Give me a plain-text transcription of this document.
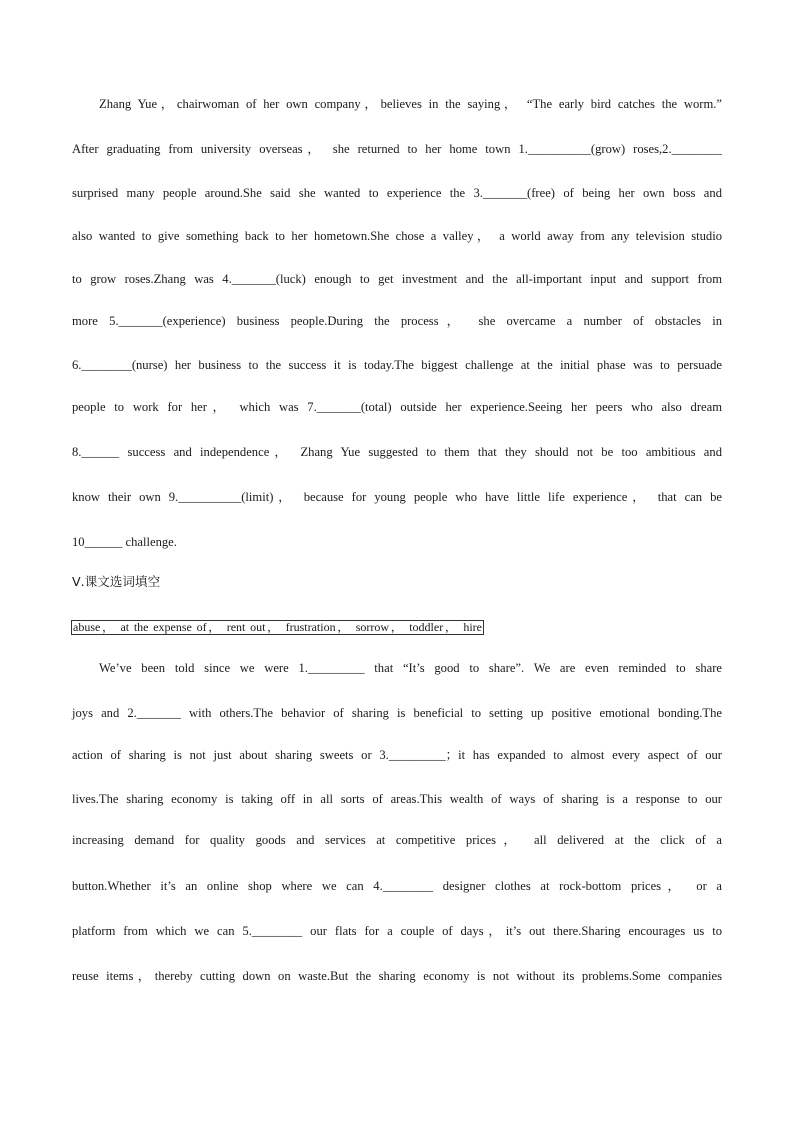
Zhang Yue，chairwoman of her own company，believes in the saying， “The early bird catches the worm.”
After graduating from university overseas， she returned to her home town 1.__________(grow) roses,2.________
surprised many people around.She said she wanted to experience the 3._______(free) of being her own boss and
also wanted to give something back to her hometown.She chose a valley， a world away from any television studio
to grow roses.Zhang was 4._______(luck) enough to get investment and the all-important input and support from
more 5._______(experience) business people.During the process， she overcame a number of obstacles in
6.________(nurse) her business to the success it is today.The biggest challenge at the initial phase was to persuade
people to work for her， which was 7._______(total) outside her experience.Seeing her peers who also dream
8.______ success and independence， Zhang Yue suggested to them that they should not be too ambitious and
know their own 9.__________(limit)， because for young people who have little life experience， that can be
10______ challenge.
Ⅴ.课文选词填空
abuse， at the expense of， rent out， frustration， sorrow， toddler， hire
We’ve been told since we were 1._________ that “It’s good to share”. We are even reminded to share
joys and 2._______ with others.The behavior of sharing is beneficial to setting up positive emotional bonding.The
action of sharing is not just about sharing sweets or 3._________；it has expanded to almost every aspect of our
lives.The sharing economy is taking off in all sorts of areas.This wealth of ways of sharing is a response to our
increasing demand for quality goods and services at competitive prices， all delivered at the click of a
button.Whether it’s an online shop where we can 4.________ designer clothes at rock-bottom prices， or a
platform from which we can 5.________ our flats for a couple of days，it’s out there.Sharing encourages us to
reuse items，thereby cutting down on waste.But the sharing economy is not without its problems.Some companies
